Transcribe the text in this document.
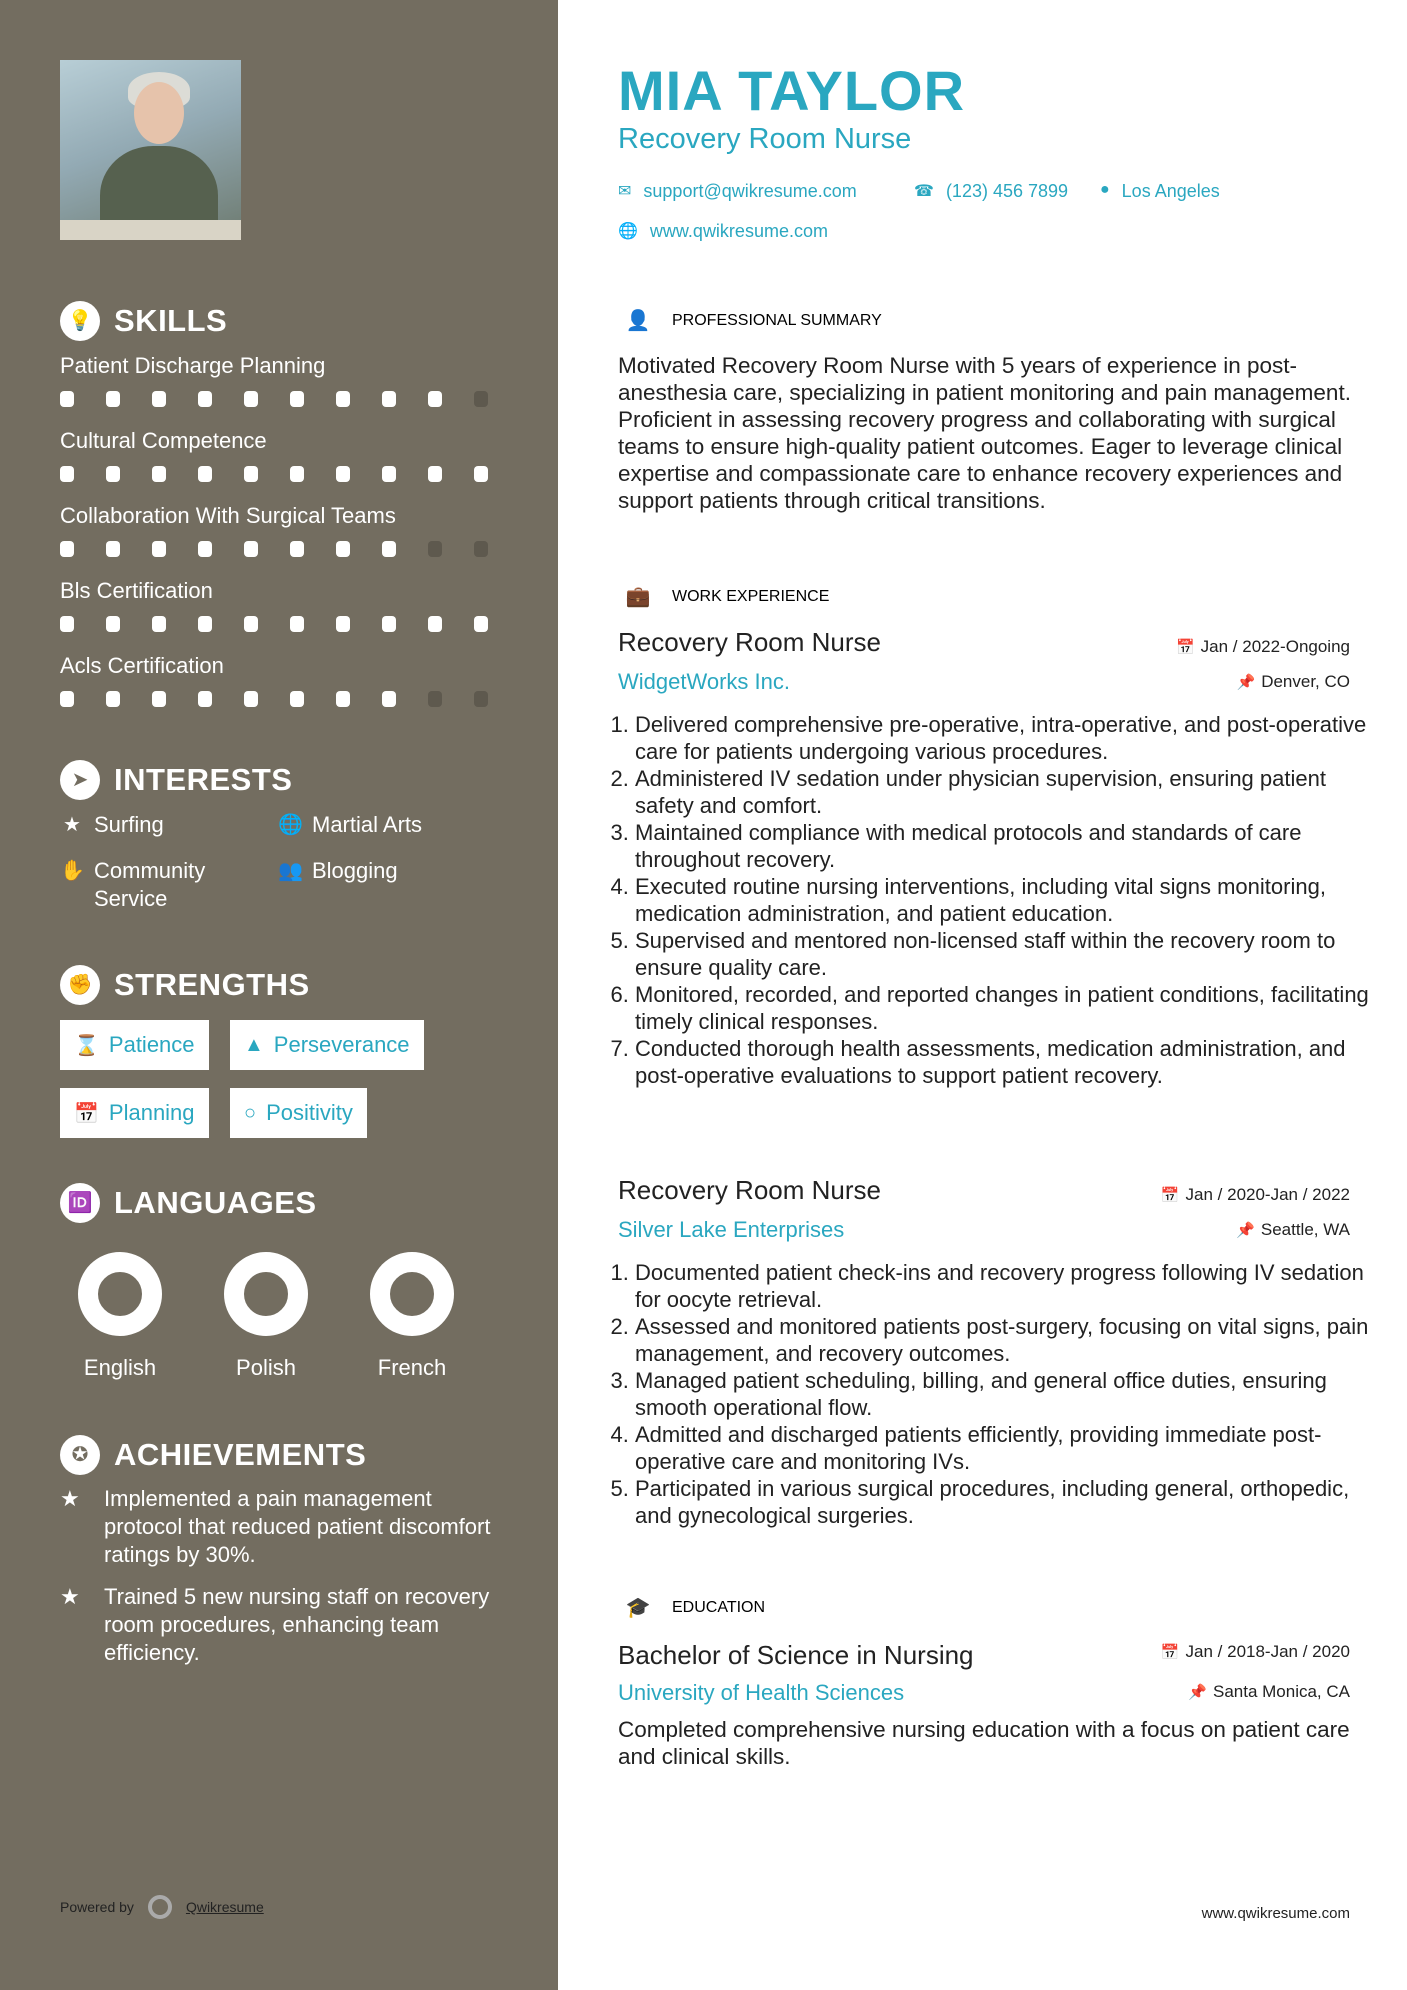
💡 SKILLS
Patient Discharge Planning
Cultural Competence
Collaboration With Surgical Teams
Bls Certification
Acls Certification
➤ INTERESTS
★ Surfing	🌐 Martial Arts
✋ Community Service
👥 Blogging
✊ STRENGTHS
⌛ Patience ▲ Perseverance
📅 Planning ○ Positivity
🆔 LANGUAGES
English	Polish	French
✪ ACHIEVEMENTS
★	Implemented a pain management protocol that reduced patient discomfort ratings by 30%.
★	Trained 5 new nursing staff on recovery room procedures, enhancing team efficiency.
Powered by	Qwikresume
MIA TAYLOR
Recovery Room Nurse
✉ support@qwikresume.com	☎ (123) 456 7899 ● Los Angeles
🌐 www.qwikresume.com
👤	PROFESSIONAL SUMMARY
Motivated Recovery Room Nurse with 5 years of experience in post-anesthesia care, specializing in patient monitoring and pain management. Proficient in assessing recovery progress and collaborating with surgical teams to ensure high-quality patient outcomes. Eager to leverage clinical expertise and compassionate care to enhance recovery experiences and support patients through critical transitions.
💼	WORK EXPERIENCE
Recovery Room Nurse	📅 Jan / 2022-Ongoing
WidgetWorks Inc.	📌 Denver, CO
1. Delivered comprehensive pre-operative, intra-operative, and post-operative care for patients undergoing various procedures.
2. Administered IV sedation under physician supervision, ensuring patient safety and comfort.
3. Maintained compliance with medical protocols and standards of care throughout recovery.
4. Executed routine nursing interventions, including vital signs monitoring, medication administration, and patient education.
5. Supervised and mentored non-licensed staff within the recovery room to ensure quality care.
6. Monitored, recorded, and reported changes in patient conditions, facilitating timely clinical responses.
7. Conducted thorough health assessments, medication administration, and post-operative evaluations to support patient recovery.
Recovery Room Nurse	📅 Jan / 2020-Jan / 2022
Silver Lake Enterprises	📌 Seattle, WA
1. Documented patient check-ins and recovery progress following IV sedation for oocyte retrieval.
2. Assessed and monitored patients post-surgery, focusing on vital signs, pain management, and recovery outcomes.
3. Managed patient scheduling, billing, and general office duties, ensuring smooth operational flow.
4. Admitted and discharged patients efficiently, providing immediate post-operative care and monitoring IVs.
5. Participated in various surgical procedures, including general, orthopedic, and gynecological surgeries.
🎓	EDUCATION
Bachelor of Science in Nursing	📅 Jan / 2018-Jan / 2020
University of Health Sciences	📌 Santa Monica, CA
Completed comprehensive nursing education with a focus on patient care and clinical skills.
www.qwikresume.com
